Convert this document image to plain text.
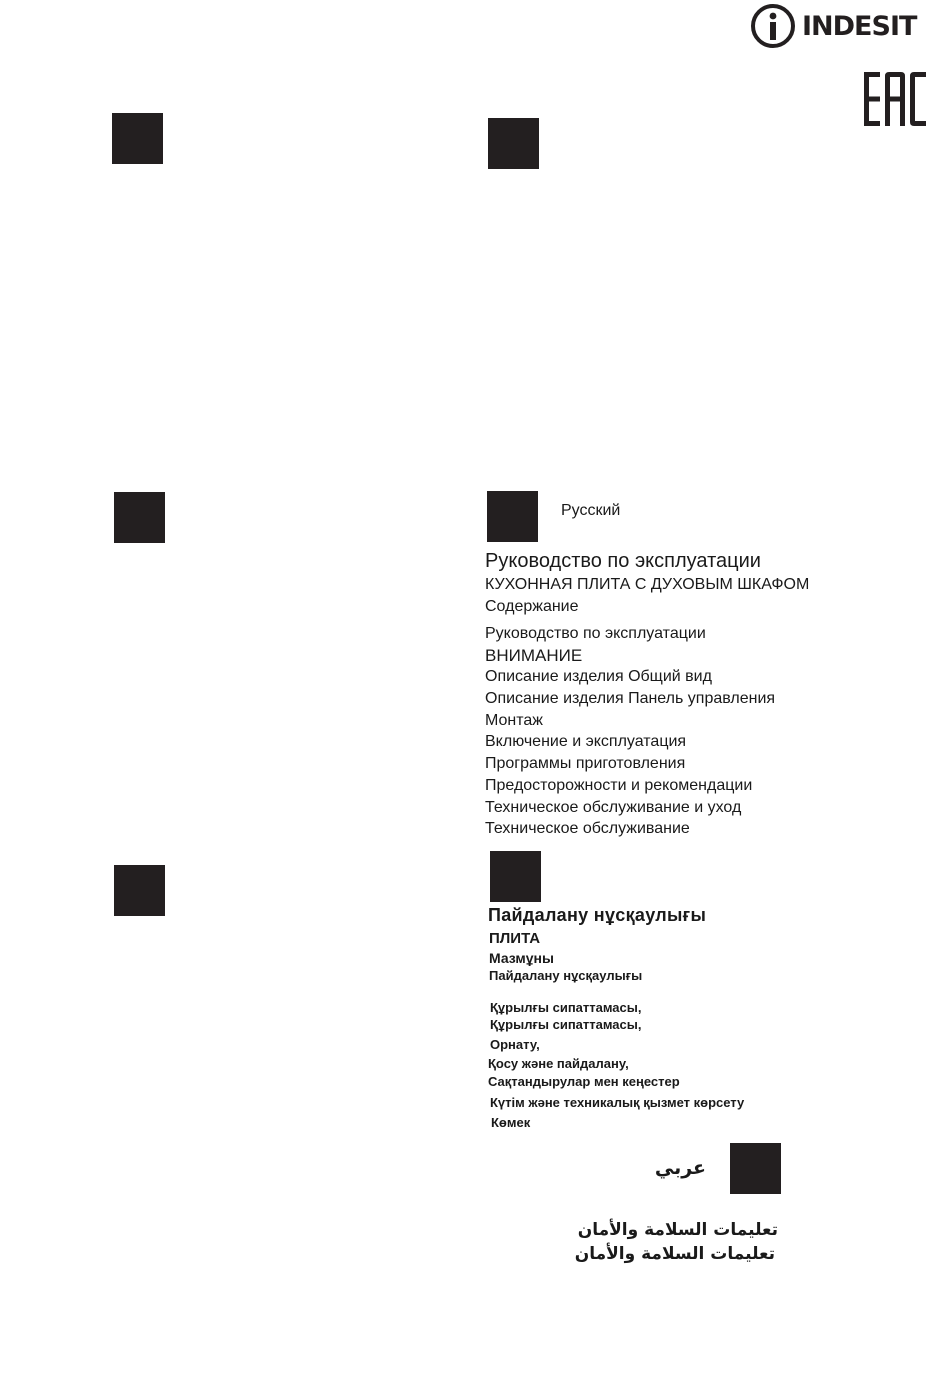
INDESIT
Русский
Руководство по эксплуатации
КУХОННАЯ ПЛИТА С ДУХОВЫМ ШКАФОМ
Содержание
Руководство по эксплуатации
ВНИМАНИЕ
Описание изделия Общий вид
Описание изделия Панель управления
Монтаж
Включение и эксплуатация
Программы приготовления
Предосторожности и рекомендации
Техническое обслуживание и уход
Техническое обслуживание
Пайдалану нұсқаулығы
ПЛИТА
Мазмұны
Пайдалану нұсқаулығы
Құрылғы сипаттамасы,
Құрылғы сипаттамасы,
Орнату,
Қосу және пайдалану,
Сақтандырулар мен кеңестер
Күтім және техникалық қызмет көрсету
Көмек
عربي
تعليمات السلامة والأمان
تعليمات السلامة والأمان
